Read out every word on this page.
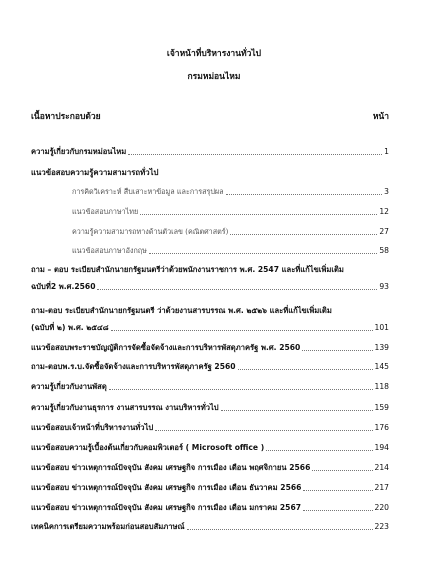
เจ้าหน้าที่บริหารงานทั่วไป
กรมหม่อนไหม
เนื้อหาประกอบด้วย	หน้า
ความรู้เกี่ยวกับกรมหม่อนไหม	1
แนวข้อสอบความรู้ความสามารถทั่วไป
การคิดวิเคราะห์ สืบเสาะหาข้อมูล และการสรุปผล	3
แนวข้อสอบภาษาไทย	12
ความรู้ความสามารถทางด้านตัวเลข (คณิตศาสตร์)	27
แนวข้อสอบภาษาอังกฤษ	58
ถาม – ตอบ ระเบียบสำนักนายกรัฐมนตรีว่าด้วยพนักงานราชการ พ.ศ. 2547 และที่แก้ไขเพิ่มเติม
ฉบับที่2 พ.ศ.2560	93
ถาม-ตอบ ระเบียบสำนักนายกรัฐมนตรี ว่าด้วยงานสารบรรณ พ.ศ. ๒๕๒๖ และที่แก้ไขเพิ่มเติม
(ฉบับที่ ๒) พ.ศ. ๒๕๔๘	101
แนวข้อสอบพระราชบัญญัติการจัดซื้อจัดจ้างและการบริหารพัสดุภาครัฐ พ.ศ. 2560	139
ถาม-ตอบพ.ร.บ.จัดซื้อจัดจ้างและการบริหารพัสดุภาครัฐ 2560	145
ความรู้เกี่ยวกับงานพัสดุ	118
ความรู้เกี่ยวกับงานธุรการ งานสารบรรณ งานบริหารทั่วไป	159
แนวข้อสอบเจ้าหน้าที่บริหารงานทั่วไป	176
แนวข้อสอบความรู้เบื้องต้นเกี่ยวกับคอมพิวเตอร์ ( Microsoft office )	194
แนวข้อสอบ ข่าวเหตุการณ์ปัจจุบัน สังคม เศรษฐกิจ การเมือง เดือน พฤศจิกายน 2566	214
แนวข้อสอบ ข่าวเหตุการณ์ปัจจุบัน สังคม เศรษฐกิจ การเมือง เดือน ธันวาคม 2566	217
แนวข้อสอบ ข่าวเหตุการณ์ปัจจุบัน สังคม เศรษฐกิจ การเมือง เดือน มกราคม 2567	220
เทคนิคการเตรียมความพร้อมก่อนสอบสัมภาษณ์	223
